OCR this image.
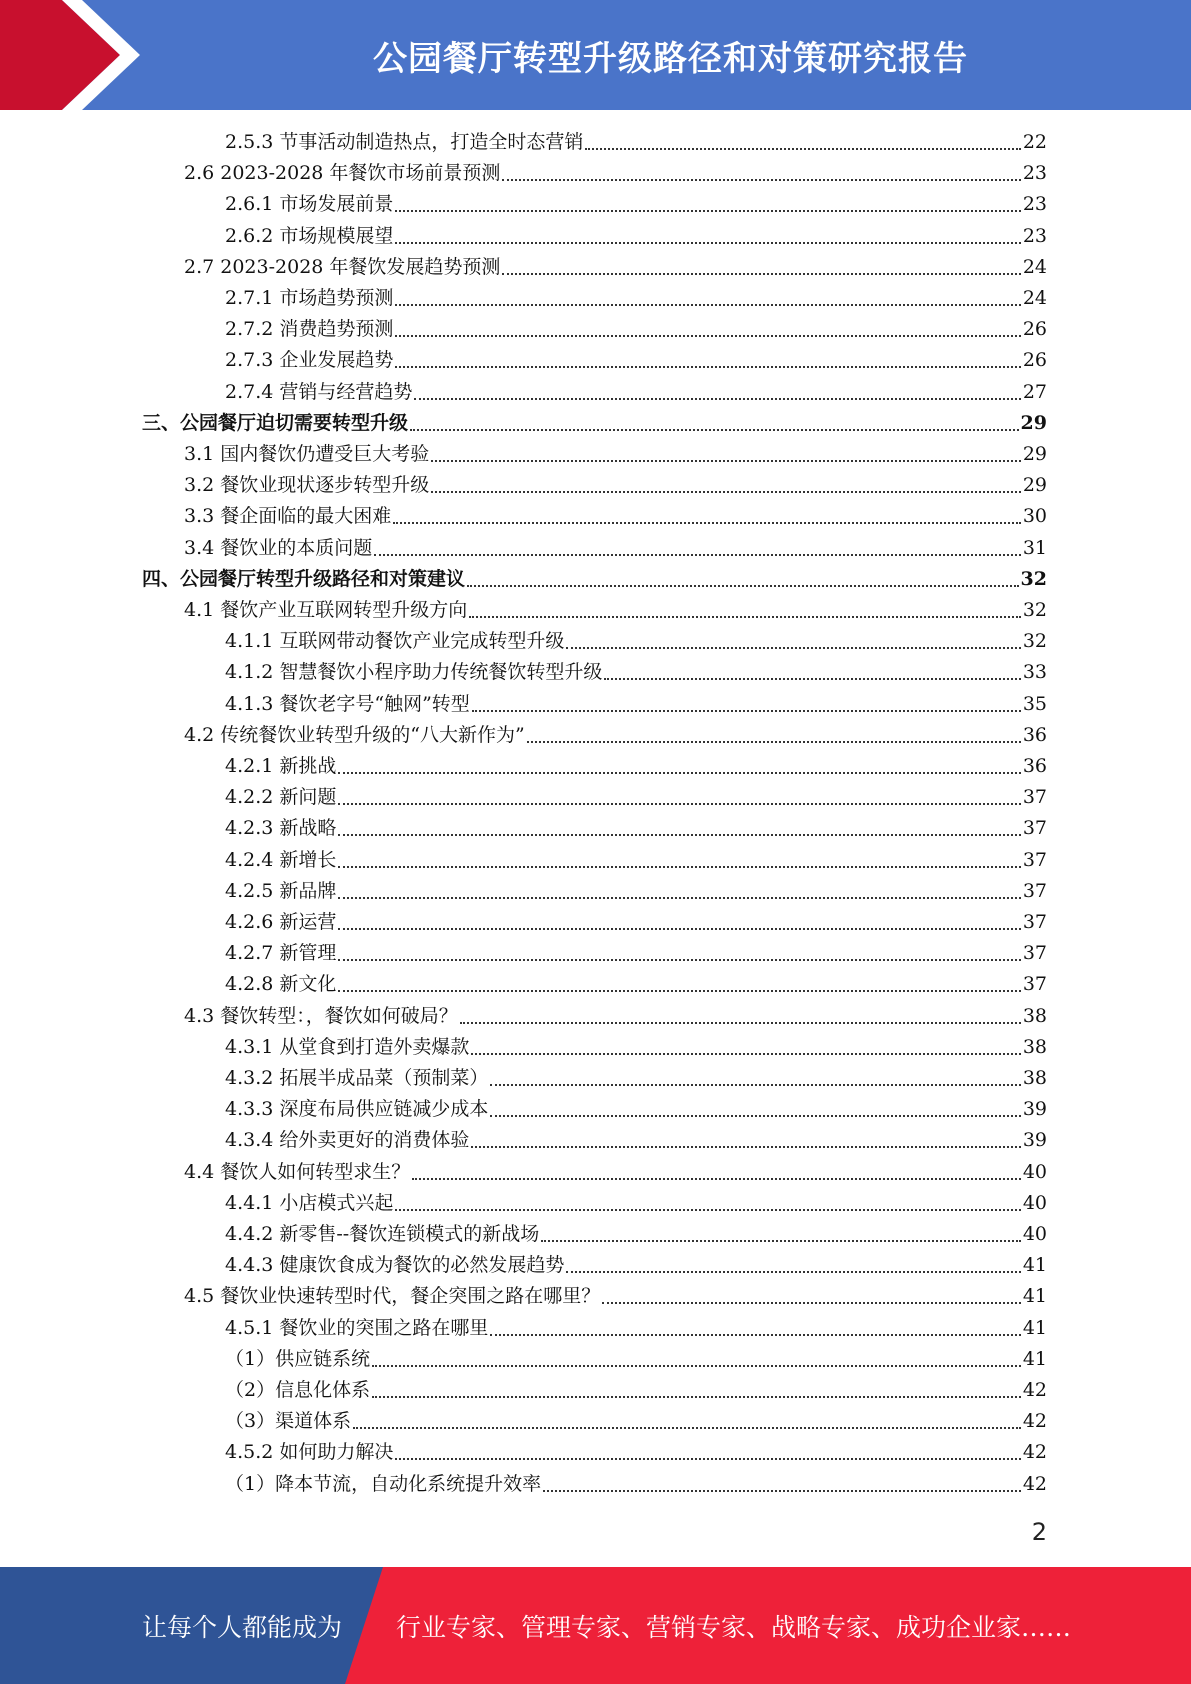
公园餐厅转型升级路径和对策研究报告
2.5.3 节事活动制造热点，打造全时态营销	22
2.6 2023-2028 年餐饮市场前景预测	23
2.6.1 市场发展前景	23
2.6.2 市场规模展望	23
2.7 2023-2028 年餐饮发展趋势预测	24
2.7.1 市场趋势预测	24
2.7.2 消费趋势预测	26
2.7.3 企业发展趋势	26
2.7.4 营销与经营趋势	27
三、公园餐厅迫切需要转型升级	29
3.1 国内餐饮仍遭受巨大考验	29
3.2 餐饮业现状逐步转型升级	29
3.3 餐企面临的最大困难	30
3.4 餐饮业的本质问题	31
四、公园餐厅转型升级路径和对策建议	32
4.1 餐饮产业互联网转型升级方向	32
4.1.1 互联网带动餐饮产业完成转型升级	32
4.1.2 智慧餐饮小程序助力传统餐饮转型升级	33
4.1.3 餐饮老字号“触网”转型	35
4.2 传统餐饮业转型升级的“八大新作为”	36
4.2.1 新挑战	36
4.2.2 新问题	37
4.2.3 新战略	37
4.2.4 新增长	37
4.2.5 新品牌	37
4.2.6 新运营	37
4.2.7 新管理	37
4.2.8 新文化	37
4.3 餐饮转型：，餐饮如何破局？	38
4.3.1 从堂食到打造外卖爆款	38
4.3.2 拓展半成品菜（预制菜）	38
4.3.3 深度布局供应链减少成本	39
4.3.4 给外卖更好的消费体验	39
4.4 餐饮人如何转型求生？	40
4.4.1 小店模式兴起	40
4.4.2 新零售--餐饮连锁模式的新战场	40
4.4.3 健康饮食成为餐饮的必然发展趋势	41
4.5 餐饮业快速转型时代，餐企突围之路在哪里？	41
4.5.1 餐饮业的突围之路在哪里	41
（1）供应链系统	41
（2）信息化体系	42
（3）渠道体系	42
4.5.2 如何助力解决	42
（1）降本节流，自动化系统提升效率	42
2
让每个人都能成为 行业专家、管理专家、营销专家、战略专家、成功企业家……
